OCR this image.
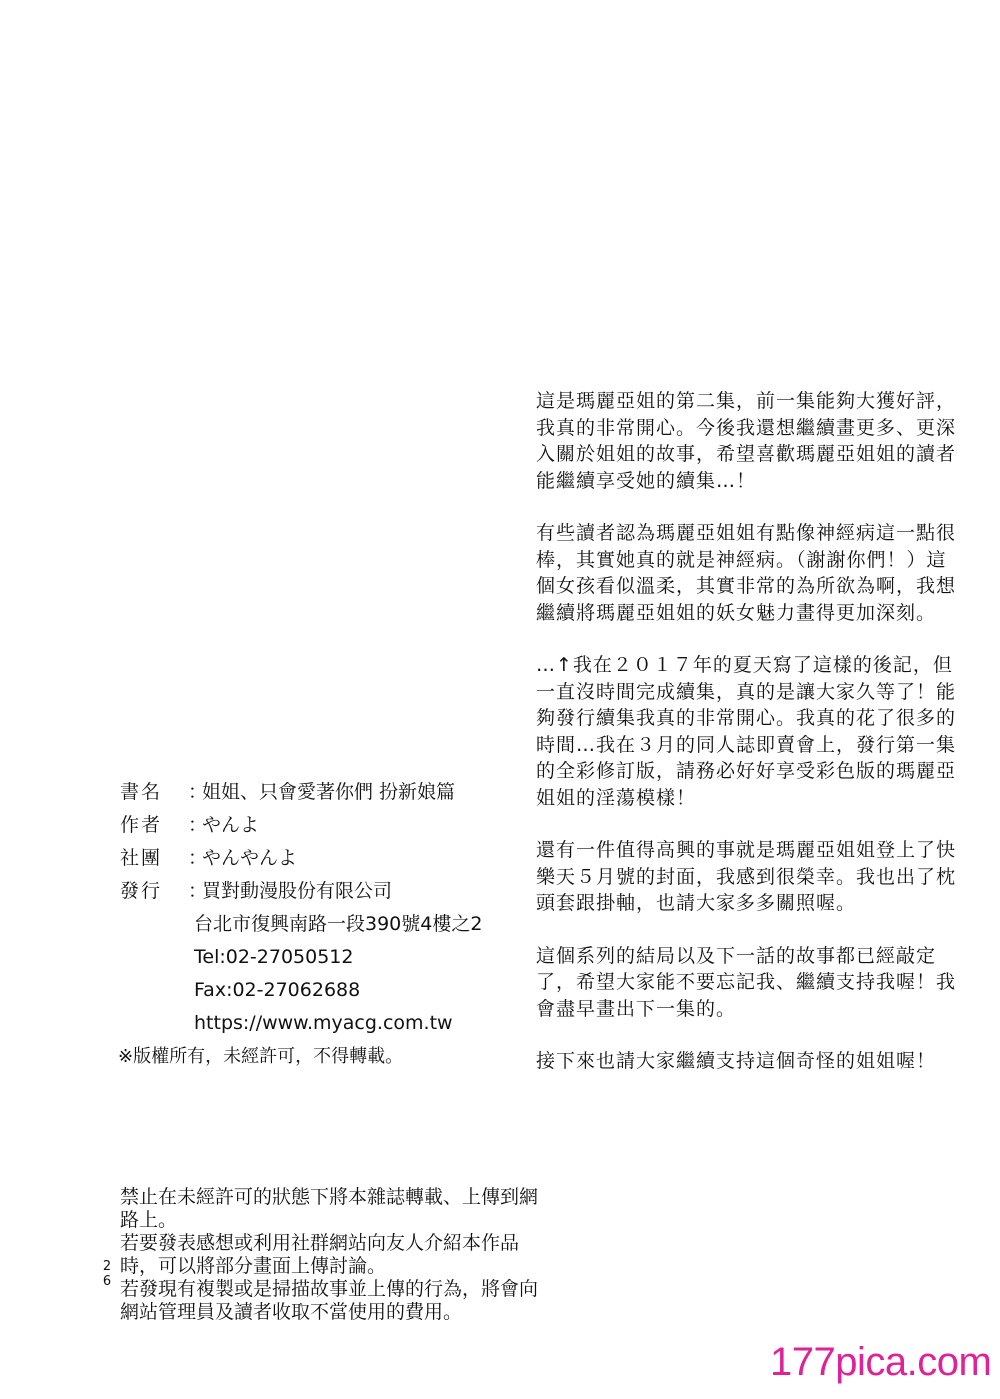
這是瑪麗亞姐的第二集，前一集能夠大獲好評，我真的非常開心。今後我還想繼續畫更多、更深入關於姐姐的故事，希望喜歡瑪麗亞姐姐的讀者能繼續享受她的續集…！

有些讀者認為瑪麗亞姐姐有點像神經病這一點很棒，其實她真的就是神經病。（謝謝你們！）這個女孩看似溫柔，其實非常的為所欲為啊，我想繼續將瑪麗亞姐姐的妖女魅力畫得更加深刻。

…↑我在２０１７年的夏天寫了這樣的後記，但一直沒時間完成續集，真的是讓大家久等了！能夠發行續集我真的非常開心。我真的花了很多的時間…我在３月的同人誌即賣會上，發行第一集的全彩修訂版，請務必好好享受彩色版的瑪麗亞姐姐的淫蕩模樣！

還有一件值得高興的事就是瑪麗亞姐姐登上了快樂天５月號的封面，我感到很榮幸。我也出了枕頭套跟掛軸，也請大家多多關照喔。

這個系列的結局以及下一話的故事都已經敲定了，希望大家能不要忘記我、繼續支持我喔！我會盡早畫出下一集的。

接下來也請大家繼續支持這個奇怪的姐姐喔！

書名	：
姐姐、只會愛著你們 扮新娘篇
作者	：
やんよ
社團	：
やんやんよ
發行	：
買對動漫股份有限公司
台北市復興南路一段390號4樓之2
Tel:02-27050512
Fax:02-27062688
https://www.myacg.com.tw
※版權所有，未經許可，不得轉載。

禁止在未經許可的狀態下將本雜誌轉載、上傳到網路上。

若要發表感想或利用社群網站向友人介紹本作品時，可以將部分畫面上傳討論。

若發現有複製或是掃描故事並上傳的行為，將會向網站管理員及讀者收取不當使用的費用。

26
177pica.com
